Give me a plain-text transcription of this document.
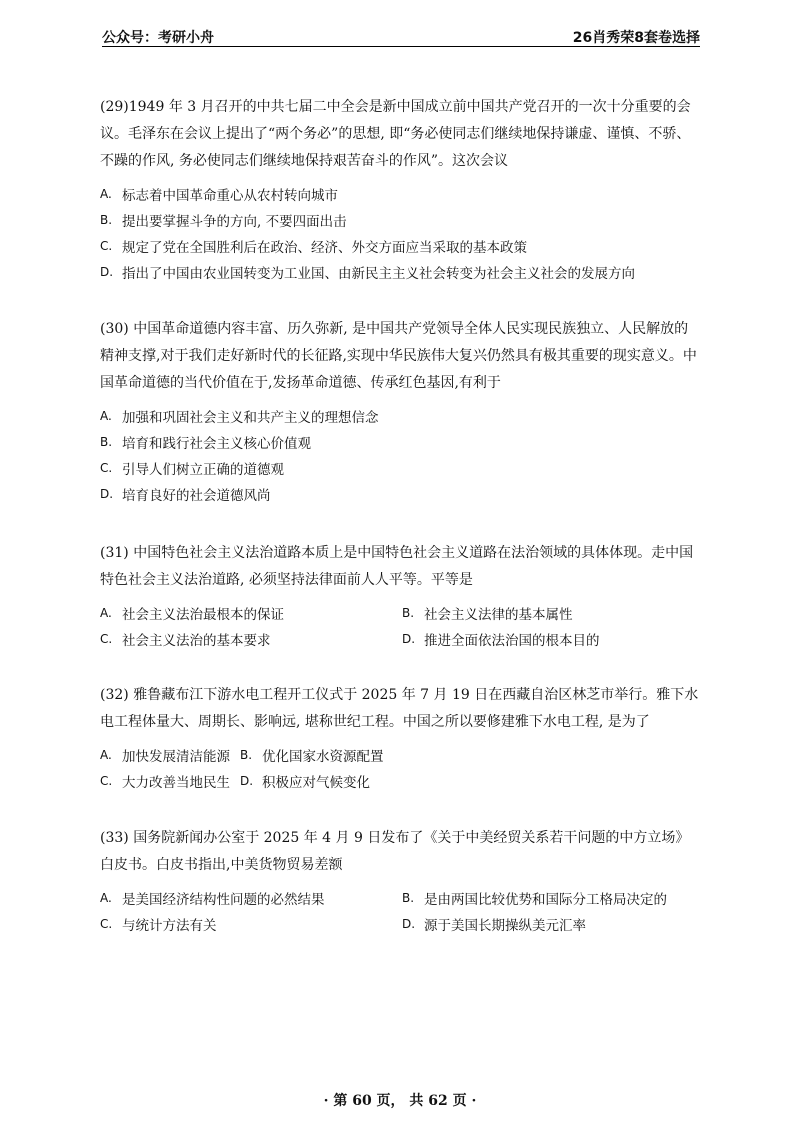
公众号：考研小舟	26肖秀荣8套卷选择

(29)1949 年 3 月召开的中共七届二中全会是新中国成立前中国共产党召开的一次十分重要的会议。毛泽东在会议上提出了“两个务必”的思想, 即“务必使同志们继续地保持谦虚、谨慎、不骄、不躁的作风, 务必使同志们继续地保持艰苦奋斗的作风”。这次会议

A. 标志着中国革命重心从农村转向城市
B. 提出要掌握斗争的方向, 不要四面出击
C. 规定了党在全国胜利后在政治、经济、外交方面应当采取的基本政策
D. 指出了中国由农业国转变为工业国、由新民主主义社会转变为社会主义社会的发展方向

(30) 中国革命道德内容丰富、历久弥新, 是中国共产党领导全体人民实现民族独立、人民解放的精神支撑,对于我们走好新时代的长征路,实现中华民族伟大复兴仍然具有极其重要的现实意义。中国革命道德的当代价值在于,发扬革命道德、传承红色基因,有利于

A. 加强和巩固社会主义和共产主义的理想信念
B. 培育和践行社会主义核心价值观
C. 引导人们树立正确的道德观
D. 培育良好的社会道德风尚

(31) 中国特色社会主义法治道路本质上是中国特色社会主义道路在法治领域的具体体现。走中国特色社会主义法治道路, 必须坚持法律面前人人平等。平等是

A. 社会主义法治最根本的保证	B. 社会主义法律的基本属性
C. 社会主义法治的基本要求	D. 推进全面依法治国的根本目的

(32) 雅鲁藏布江下游水电工程开工仪式于 2025 年 7 月 19 日在西藏自治区林芝市举行。雅下水电工程体量大、周期长、影响远, 堪称世纪工程。中国之所以要修建雅下水电工程, 是为了

A. 加快发展清洁能源 B. 优化国家水资源配置
C. 大力改善当地民生 D. 积极应对气候变化

(33) 国务院新闻办公室于 2025 年 4 月 9 日发布了《关于中美经贸关系若干问题的中方立场》白皮书。白皮书指出,中美货物贸易差额

A. 是美国经济结构性问题的必然结果	B. 是由两国比较优势和国际分工格局决定的
C. 与统计方法有关	D. 源于美国长期操纵美元汇率
· 第 60 页， 共 62 页 ·
